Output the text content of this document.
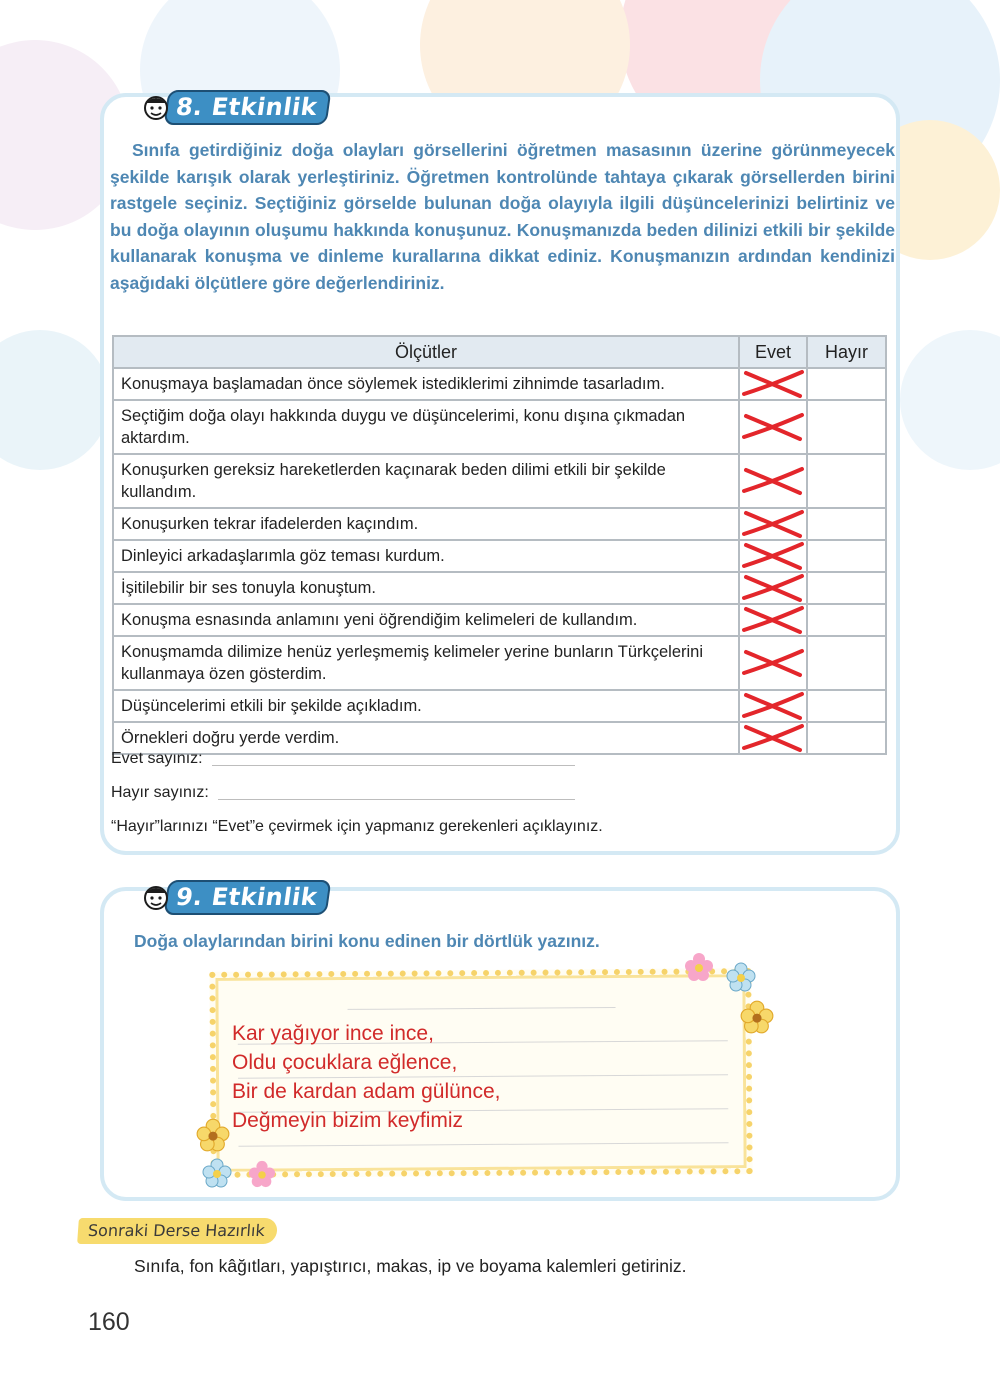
8. Etkinlik

Sınıfa getirdiğiniz doğa olayları görsellerini öğretmen masasının üzerine görünmeyecek şekilde karışık olarak yerleştiriniz. Öğretmen kontrolünde tahtaya çıkarak görsellerden birini rastgele seçiniz. Seçtiğiniz görselde bulunan doğa olayıyla ilgili düşüncelerinizi belirtiniz ve bu doğa olayının oluşumu hakkında konuşunuz. Konuşmanızda beden dilinizi etkili bir şekilde kullanarak konuşma ve dinleme kurallarına dikkat ediniz. Konuşmanızın ardından kendinizi aşağıdaki ölçütlere göre değerlendiriniz.

Ölçütler	Evet	Hayır
Konuşmaya başlamadan önce söylemek istediklerimi zihnimde tasarladım.	

Seçtiğim doğa olayı hakkında duygu ve düşüncelerimi, konu dışına çıkmadan aktardım.	

Konuşurken gereksiz hareketlerden kaçınarak beden dilimi etkili bir şekilde kullandım.	

Konuşurken tekrar ifadelerden kaçındım.	

Dinleyici arkadaşlarımla göz teması kurdum.	

İşitilebilir bir ses tonuyla konuştum.	

Konuşma esnasında anlamını yeni öğrendiğim kelimeleri de kullandım.	

Konuşmamda dilimize henüz yerleşmemiş kelimeler yerine bunların Türkçelerini kullanmaya özen gösterdim.	

Düşüncelerimi etkili bir şekilde açıkladım.	

Örnekleri doğru yerde verdim.	

Evet sayınız:
Hayır sayınız:
“Hayır”larınızı “Evet”e çevirmek için yapmanız gerekenleri açıklayınız.
9. Etkinlik

Doğa olaylarından birini konu edinen bir dörtlük yazınız.

Kar yağıyor ince ince,
Oldu çocuklara eğlence,
Bir de kardan adam gülünce,
Değmeyin bizim keyfimiz
Sonraki Derse Hazırlık
Sınıfa, fon kâğıtları, yapıştırıcı, makas, ip ve boyama kalemleri getiriniz.
160
